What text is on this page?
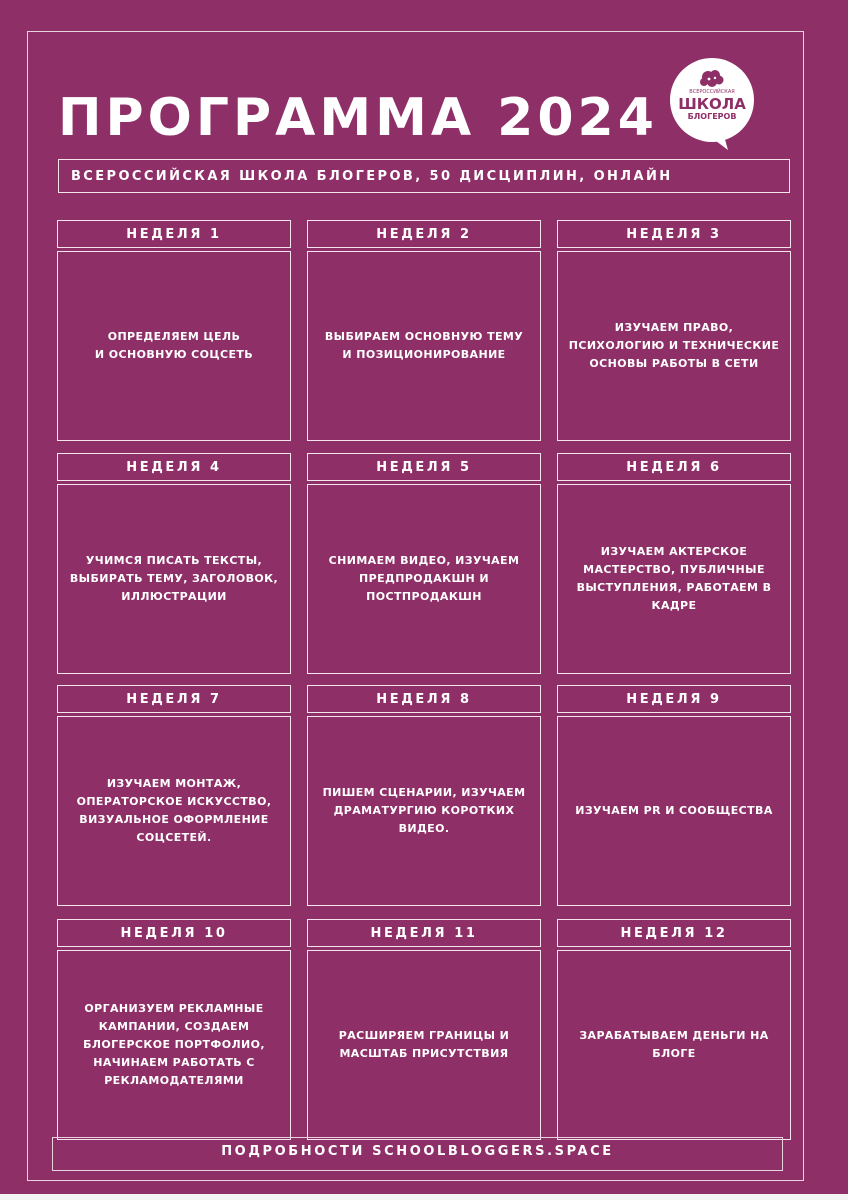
ПРОГРАММА 2024	ВСЕРОССИЙСКАЯ
ШКОЛА
БЛОГЕРОВ
ВСЕРОССИЙСКАЯ ШКОЛА БЛОГЕРОВ, 50 ДИСЦИПЛИН, ОНЛАЙН
НЕДЕЛЯ 1
ОПРЕДЕЛЯЕМ ЦЕЛЬ
И ОСНОВНУЮ СОЦСЕТЬ
НЕДЕЛЯ 2
ВЫБИРАЕМ ОСНОВНУЮ ТЕМУ И ПОЗИЦИОНИРОВАНИЕ
НЕДЕЛЯ 3
ИЗУЧАЕМ ПРАВО, ПСИХОЛОГИЮ И ТЕХНИЧЕСКИЕ ОСНОВЫ РАБОТЫ В СЕТИ
НЕДЕЛЯ 4
УЧИМСЯ ПИСАТЬ ТЕКСТЫ, ВЫБИРАТЬ ТЕМУ, ЗАГОЛОВОК, ИЛЛЮСТРАЦИИ
НЕДЕЛЯ 5
СНИМАЕМ ВИДЕО, ИЗУЧАЕМ ПРЕДПРОДАКШН И ПОСТПРОДАКШН
НЕДЕЛЯ 6
ИЗУЧАЕМ АКТЕРСКОЕ МАСТЕРСТВО, ПУБЛИЧНЫЕ ВЫСТУПЛЕНИЯ, РАБОТАЕМ В КАДРЕ
НЕДЕЛЯ 7
ИЗУЧАЕМ МОНТАЖ, ОПЕРАТОРСКОЕ ИСКУССТВО, ВИЗУАЛЬНОЕ ОФОРМЛЕНИЕ СОЦСЕТЕЙ.
НЕДЕЛЯ 8
ПИШЕМ СЦЕНАРИИ, ИЗУЧАЕМ ДРАМАТУРГИЮ КОРОТКИХ ВИДЕО.
НЕДЕЛЯ 9
ИЗУЧАЕМ PR И СООБЩЕСТВА
НЕДЕЛЯ 10
ОРГАНИЗУЕМ РЕКЛАМНЫЕ КАМПАНИИ, СОЗДАЕМ БЛОГЕРСКОЕ ПОРТФОЛИО, НАЧИНАЕМ РАБОТАТЬ С РЕКЛАМОДАТЕЛЯМИ
НЕДЕЛЯ 11
РАСШИРЯЕМ ГРАНИЦЫ И МАСШТАБ ПРИСУТСТВИЯ
НЕДЕЛЯ 12
ЗАРАБАТЫВАЕМ ДЕНЬГИ НА БЛОГЕ
ПОДРОБНОСТИ SCHOOLBLOGGERS.SPACE
